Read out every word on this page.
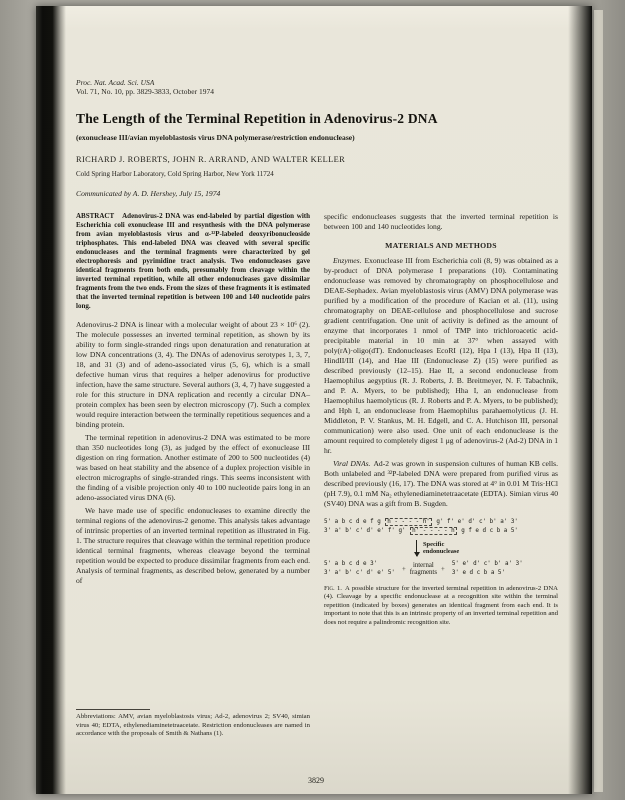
Proc. Nat. Acad. Sci. USA
Vol. 71, No. 10, pp. 3829-3833, October 1974
The Length of the Terminal Repetition in Adenovirus-2 DNA
(exonuclease III/avian myeloblastosis virus DNA polymerase/restriction endonuclease)
RICHARD J. ROBERTS, JOHN R. ARRAND, AND WALTER KELLER
Cold Spring Harbor Laboratory, Cold Spring Harbor, New York 11724
Communicated by A. D. Hershey, July 15, 1974

ABSTRACT Adenovirus-2 DNA was end-labeled by partial digestion with Escherichia coli exonuclease III and resynthesis with the DNA polymerase from avian myeloblastosis virus and α-³²P-labeled deoxyribonucleoside triphosphates. This end-labeled DNA was cleaved with several specific endonucleases and the terminal fragments were characterized by gel electrophoresis and pyrimidine tract analysis. Two endonucleases gave identical fragments from both ends, presumably from cleavage within the inverted terminal repetition, while all other endonucleases gave dissimilar fragments from the two ends. From the sizes of these fragments it is estimated that the inverted terminal repetition is between 100 and 140 nucleotide pairs long.

Adenovirus-2 DNA is linear with a molecular weight of about 23 × 10⁶ (2). The molecule possesses an inverted terminal repetition, as shown by its ability to form single-stranded rings upon denaturation and renaturation at low DNA concentrations (3, 4). The DNAs of adenovirus serotypes 1, 3, 7, 18, and 31 (3) and of adeno-associated virus (5, 6), which is a small defective human virus that requires a helper adenovirus for productive infection, have the same structure. Several authors (3, 4, 7) have suggested a role for this structure in DNA replication and recently a circular DNA–protein complex has been seen by electron microscopy (7). Such a complex would require interaction between the terminally repetitious sequences and a binding protein.

The terminal repetition in adenovirus-2 DNA was estimated to be more than 350 nucleotides long (3), as judged by the effect of exonuclease III digestion on ring formation. Another estimate of 200 to 500 nucleotides (4) was based on heat stability and the absence of a duplex projection visible in electron micrographs of single-stranded rings. This seems inconsistent with the finding of a visible projection only 40 to 100 nucleotide pairs long in an adeno-associated virus DNA (6).

We have made use of specific endonucleases to examine directly the terminal regions of the adenovirus-2 genome. This analysis takes advantage of intrinsic properties of an inverted terminal repetition as illustrated in Fig. 1. The structure requires that cleavage within the terminal repetition produce identical terminal fragments, whereas cleavage beyond the terminal repetition would be expected to produce dissimilar fragments from each end. Analysis of terminal fragments, as described below, generated by a number of

Abbreviations: AMV, avian myeloblastosis virus; Ad-2, adenovirus 2; SV40, simian virus 40; EDTA, ethylenediaminetetraacetate. Restriction endonucleases are named in accordance with the proposals of Smith & Nathans (1).

specific endonucleases suggests that the inverted terminal repetition is between 100 and 140 nucleotides long.

MATERIALS AND METHODS

Enzymes. Exonuclease III from Escherichia coli (8, 9) was obtained as a by-product of DNA polymerase I preparations (10). Contaminating endonuclease was removed by chromatography on phosphocellulose and DEAE-Sephadex. Avian myeloblastosis virus (AMV) DNA polymerase was purified by a modification of the procedure of Kacian et al. (11), using chromatography on DEAE-cellulose and phosphocellulose and sucrose gradient centrifugation. One unit of activity is defined as the amount of enzyme that incorporates 1 nmol of TMP into trichloroacetic acid-precipitable material in 10 min at 37° when assayed with poly(rA)·oligo(dT). Endonucleases EcoRI (12), Hpa I (13), Hpa II (13), HindII/III (14), and Hae III (Endonuclease Z) (15) were purified as described previously (12–15). Hae II, a second endonuclease from Haemophilus aegyptius (R. J. Roberts, J. B. Breitmeyer, N. F. Tabachnik, and P. A. Myers, to be published); Hha I, an endonuclease from Haemophilus haemolyticus (R. J. Roberts and P. A. Myers, to be published); and Hph I, an endonuclease from Haemophilus parahaemolyticus (J. H. Middleton, P. V. Stankus, M. H. Edgell, and C. A. Hutchison III, personal communication) were also used. One unit of each endonuclease is the amount required to completely digest 1 μg of adenovirus-2 (Ad-2) DNA in 1 hr.

Viral DNAs. Ad-2 was grown in suspension cultures of human KB cells. Both unlabeled and ³²P-labeled DNA were prepared from purified virus as described previously (16, 17). The DNA was stored at 4° in 0.01 M Tris·HCl (pH 7.9), 0.1 mM Na₂ ethylenediaminetetraacetate (EDTA). Simian virus 40 (SV40) DNA was a gift from B. Sugden.

5' a b c d e f g h - - - - h' g' f' e' d' c' b' a' 3'
3' a' b' c' d' e' f' g' h' - - - - h g f e d c b a 5'
Specific
endonuclease
5' a b c d e 3'
3' a' b' c' d' e' 5'
+	internal
fragments +
5' e' d' c' b' a' 3'
3' e d c b a 5'

Fig. 1. A possible structure for the inverted terminal repetition in adenovirus-2 DNA (4). Cleavage by a specific endonuclease at a recognition site within the terminal repetition (indicated by boxes) generates an identical fragment from each end. It is important to note that this is an intrinsic property of an inverted terminal repetition and does not require a palindromic recognition site.

3829
